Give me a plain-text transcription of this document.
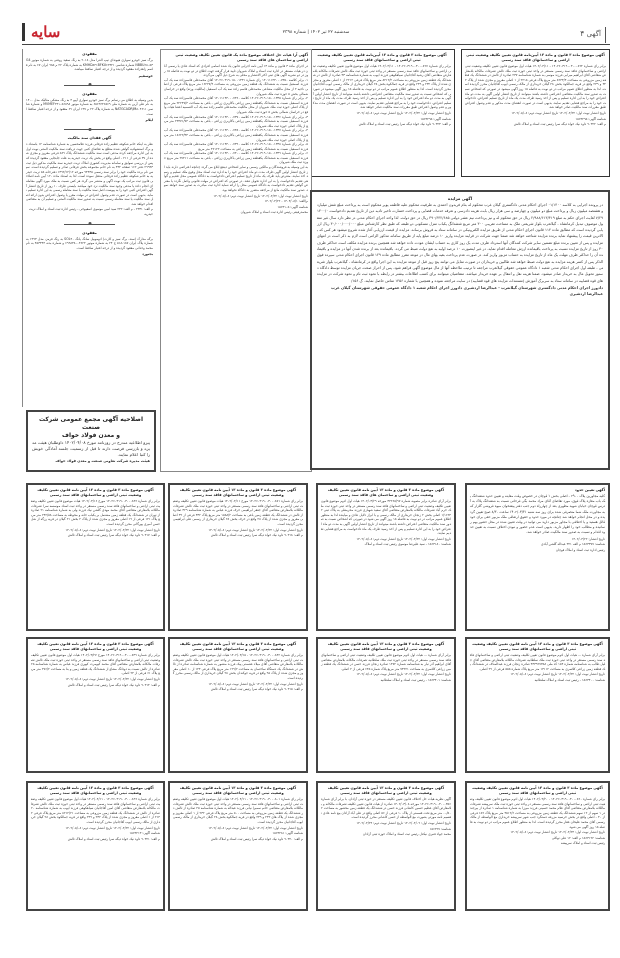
سایه	سه‌شنبه ۲۲ تیر ۱۴۰۲ | شماره ۲۳۹۸	آگهی ۴
آگهی موضوع ماده ۳ قانون و ماده ۱۳ آیین‌نامه قانون تعیین تکلیف وضعیت ثبتی اراضی و ساختمانهای فاقد سند رسمی
برابر رای شماره ۱۴۰۲۶۰۳۱۹۰۰۳۰۰۰۸۹۴ - ۱۴۰۲/۰۴/۱۱ هیات اول موضوع قانون تعیین تکلیف وضعیت ثبتی اراضی و ساختمانهای فاقد سند رسمی مستقر در واحد ثبتی حوزه ثبت ملک تالش تصرفات مالکانه بلامعارض متقاضی آقای ابراهیم میرابی فرزند موسی به شماره شناسنامه ۲۳۷ صادره از تالش در ششدانگ یک قطعه زمین مزروعی به مساحت ۸۲۴۳/۴ متر مربع پلاک فرعی ۲۲۱۵ از ۱ اصلی مفروز و مجزی شده از پلاک ۲۳۲ و ۲۳۹ واقع در قریه جمالکوه بخش ۲۸ گیلان خریداری از مالک رسمی ایوب آقاجانیان محرز گردیده است. لذا به منظور اطلاع عموم مراتب در دو نوبت به فاصله ۱۵ روز آگهی میشود در صورتی که اشخاص نسبت به صدور سند مالکیت متقاضی اعتراضی داشته باشند میتوانند از تاریخ انتشار اولین آگهی به مدت دو ماه اعتراض خود را به این اداره تسلیم و پس از اخذ رسید ظرف مدت یک ماه از تاریخ تسلیم اعتراض، دادخواست خود را به مراجع قضایی تقدیم نمایند. بدیهی است در صورت انقضای مدت مذکور و عدم وصول اعتراض طبق مقررات سند مالکیت صادر خواهد شد.
تاریخ انتشار نوبت اول: ۱۴۰۲/۰۴/۲۲ تاریخ انتشار نوبت دوم: ۱۴۰۲/۰۵/۰۸
شناسه آگهی: ۱۵۶۳۲۹۵
م الف: ۹۰۳۲۲ داود نیک خواه دیگه سرا رئیس ثبت اسناد و املاک تالش
آگهی موضوع ماده ۳ قانون و ماده ۱۳ آیین‌نامه قانون تعیین تکلیف وضعیت ثبتی اراضی و ساختمانهای فاقد سند رسمی
برابر رای شماره ۱۴۰۲۶۰۳۱۹۰۰۳۰۰۰۸۹۷ - ۱۴۰۲/۰۴/۱۱ هیات اول موضوع قانون تعیین تکلیف وضعیت ثبتی اراضی و ساختمانهای فاقد سند رسمی مستقر در واحد ثبتی حوزه ثبت ملک تالش تصرفات مالکانه بلامعارض متقاضی آقای رشید آقاجانیان سیاهکوهی فرزند ایوب به شماره شناسنامه ۳۳ صادره از تالش در ششدانگ یک قطعه زمین مزروعی به مساحت ۸۲۱۲/۲ متر مربع پلاک فرعی ۲۲۱۲ از ۱ اصلی مفروز و مجزی شده از پلاک ۲۳۲ و ۲۳۹ واقع در قریه جمالکوه بخش ۲۸ گیلان خریداری از مالک رسمی ایوب آقاجانیان محرز گردیده است. لذا به منظور اطلاع عموم مراتب در دو نوبت به فاصله ۱۵ روز آگهی میشود در صورتی که اشخاص نسبت به صدور سند مالکیت متقاضی اعتراضی داشته باشند میتوانند از تاریخ انتشار اولین آگهی به مدت دو ماه اعتراض خود را به این اداره تسلیم و پس از اخذ رسید ظرف مدت یک ماه از تاریخ تسلیم اعتراض، دادخواست خود را به مراجع قضایی تقدیم نمایند. بدیهی است در صورت انقضای مدت مذکور و عدم وصول اعتراض طبق مقررات سند مالکیت صادر خواهد شد.
تاریخ انتشار نوبت اول: ۱۴۰۲/۰۴/۲۲ تاریخ انتشار نوبت دوم: ۱۴۰۲/۰۵/۰۸
شناسه آگهی: ۱۵۶۳۲۹۵
م الف: ۹۰۳۲۳ داود نیک خواه دیگه سرا رئیس ثبت اسناد و املاک تالش
آگهی آرا هیات حل اختلاف موضوع ماده یک قانون تعیین تکلیف وضعیت ثبتی اراضی و ساختمان های فاقد سند رسمی
در اجرای ماده ۳ قانون و ماده ۱۳ آیین نامه اجرایی قانون یاد شده اسامی افرادی که اسناد عادی یا رسمی آنان در هیات مستقر در اداره ثبت اسناد و املاک شیروان تایید قرار گرفته جهت اطلاع در دو نوبت به فاصله ۱۵ روز در دو نشریه آگهی های ثبتی اکثر الانتشار و محلی به شرح ذیل آگهی می‌گردد.
۱- برابر کلاسه ۱۴۰۱۱۱۴۴۰۰۰۷۳۵۰ رای شماره ۱۴۰۲۶۰۳۱۹۰۱۵۰۰۱۳۳۱ آقای محمدعلی قاسم‌زاده سه یک آب فرزند اسمعیل نسبت به ششدانگ یک قطعه زمین مزروعی به مساحت ۱۶۲۲۷/۴ متر مربع پلاک فرعی از اصلی ناحیه ۲ از محل مالکیت مشاعی محمدعلی قاسم زاده سه یک آب اسمعیل (مالکیت ورثه) واقع در خراسان شمالی بخش ۵ حوزه ثبت ملک شیروان
۲- برابر رای شماره ۱۴۰۲۶۰۳۱۹۰۱۵۰۰۱۳۳۵ کلاسه ۱۴۰۱۱۱۴۴۰۰۰۷۳۶۰ آقای محمدعلی قاسم‌زاده سه یک آب فرزند اسمعیل نسبت به ششدانگ یکقطعه زمین زراعی باکاربری زراعی - باغی به مساحت ۲۲۲۴۷/۴ متر مربع از پلاک اصلی حوزه ثبت ملک شیروان از محل مالکیت محمدعلی قاسم زاده سه یک آب التسمیه اعضا هیات واقع در خراسان شمالی بخش ۵ حوزه ثبت ملک شیروان
۳- برابر رای شماره ۱۴۰۲۶۰۳۱۹۰۱۵۰۰۱۳۳۶ کلاسه ۱۴۰۱۱۱۴۴۰۰۰۷۳۷۰ آقای محمدعلی قاسم‌زاده سه یک آب فرزند اسمعیل نسبت به ششدانگ یکقطعه زمین زراعی باکاربری زراعی - باغی به مساحت ۲۳۴۷۱/۷۴ متر مربع از پلاک اصلی حوزه ثبت ملک شیروان
۴- برابر رای شماره ۱۴۰۲۶۰۳۱۹۰۱۵۰۰۱۳۳۷ کلاسه ۱۴۰۱۱۱۴۴۰۰۰۷۳۸۰ آقای محمدعلی قاسم‌زاده سه یک آب فرزند اسمعیل نسبت به ششدانگ یکقطعه زمین زراعی باکاربری زراعی - باغی به مساحت ۱۸۶۲۲/۳۴ متر مربع از پلاک اصلی حوزه ثبت ملک شیروان
۵- برابر رای شماره ۱۴۰۲۶۰۳۱۹۰۱۵۰۰۱۳۳۸ کلاسه ۱۴۰۱۱۱۴۴۰۰۰۷۳۹۰ آقای محمدعلی قاسم‌زاده سه یک آب فرزند اسمعیل نسبت به ششدانگ یکقطعه زمین زراعی به مساحت ۳۶۱۲۲ متر مربع
۶- برابر رای شماره ۱۴۰۲۶۰۳۱۹۰۱۵۰۰۱۳۳۹ کلاسه ۱۴۰۱۱۱۴۴۰۰۰۷۴۰۰ آقای محمدعلی قاسم‌زاده سه یک آب فرزند اسمعیل نسبت به ششدانگ یکقطعه زمین زراعی باکاربری زراعی - باغی به مساحت ۲۷۴۱۱ متر مربع حوزه ثبت ملک شیروان
به این وسیله به فروشندگان و مالکین رسمی و سایر اشخاص ذینفع ابلاغ می گردد چنانچه اعتراضی دارند باید از تاریخ انتشار اولین آگهی ظرف مدت دو ماه اعتراض خود را به اداره ثبت اسناد محل وقوع ملک تسلیم و رسید اخذ نمایند. معترض باید ظرف یک ماه از تاریخ تسلیم اعتراض دادخواست به دادگاه عمومی محل تقدیم و گواهی تقدیم دادخواست را به این اداره تحویل دهند. در صورتی که اعتراض در مهلت قانونی واصل نگردد یا معترض گواهی تقدیم دادخواست به دادگاه عمومی محل را ارائه ننماید اداره ثبت مبادرت به صدور سند خواهد نمود. صدور سند مالکیت مانع از مراجعه متضرر به دادگاه نخواهد بود.
تاریخ انتشار نوبت اول: ۱۴۰۲/۰۴/۲۲ تاریخ انتشار نوبت دوم: ۱۴۰۲/۰۵/۰۸
م/الف: ۱۴۰۴/۰۸/۱ - ۱۴۰۲/۰۴/۲۲
شناسه آگهی: ۱۵۶۳۱۰۵
محمدرفیعی رئیس اداره ثبت اسناد و املاک شیروان
مفقودی
برگ سبز خودرو سواری هیوندای تیپ النترا مدل ۲۰۱۸ به رنگ سفید روغنی به شماره موتور G4NBBU۶۸۰۵۳ شماره شاسی KMHD۸۴۱BFKU۶۲۳۲۱ به شماره پلاک ۲۲ م ۹۸۵ ایران ۶۷ به نام قاسم زاهدزاده مفقود گردیده و از درجه اعتبار ساقط میباشد.
خوسفیم
مفقودی
بدین وسیله به اطلاع می رسانم برگ سبز خودرو سواری آپیو ۴ به رنگ مشکی متالیک مدل ۱۴۰۰ به نام علی آرین به شماره ملی ۶۵۶۹۲۴۶۵۶۹ به شماره موتور MVMEF۲۴۱۰۵۶۸۹۸ و شماره شاسی NATGCADRJM۸۰۴۶۱۱ به شماره پلاک ۲۲ م ۱۳۷ ایران ۶۹ مفقود و از درجه اعتبار ساقط است.
ایلام
آگهی فقدان سند مالکیت
نظر به اینکه خانم شکوفه عظیم زاده فرقانی فرزند غلامحسین به شماره شناسنامه ۱۲ باستناد دو برگ استشهادیه گواهی شده مطلع به تقاضای کتبی جهت دریافت سند مالکیت المثنی نوبت اول به این اداره مراجعه کرده مدعی است سند مالکیت ششدانگ پلاک ۵۶۹ فرعی مفروز و مجزی شده از ۳۷ فرعی از ۲۱۱ - اصلی واقع در بخش یک تربت حیدریه به علت جابجایی مفقود گردیده که پس از بررسی سوابق و سامانه مدیریت کشوری املاک تربت حیدریه سند مالکیت مذکور ذیل ثبت ۲۹۹۴۳ دفتر ۱۶۲ صفحه ۴۳۲ به نام خانم مجموعه بخش فرقانی صادر و تسلیم گردیده است. سپس نام برده مالکیت خود را برابر سند رسمی ۹۴۴۳۵ مورخه ۱۳۹۲/۱۲/۱۲ دفترخانه ۵۸ تربت حیدریه به خانم شکوفه عظیم زاده فرقانی منتقل نموده است. لذا به استناد ماده ۱۲۰ آیین نامه اصلاحی قانون ثبت مراتب یک نوبت آگهی و منتشر می گردد هر کس نسبت به ملک مورد آگهی معامله ای انجام داده یا مدعی وجود سند مالکیت نزد خود میباشد بایستی ظرف ۱۰ روز از تاریخ انتشار آگهی اعتراض کتبی خود را به پیوست اصل سند مالکیت یا سند معامله رسمی به این اداره تسلیم نماید. بدیهی است در صورت عدم وصول اعتراض در مهلت مقرر یا وصول اعتراض بدون ارائه اصل سند مالکیت یا سند معامله رسمی نسبت به صدور سند مالکیت المثنی و تسلیم آن به متقاضی اقدام خواهد شد.
م الف: ۲۳۳۱ - م الف: ۲۳۲ سید امین موسوی اسفیوخی - رئیس اداره ثبت اسناد و املاک تربت حیدریه
مفقودی
برگه مدارک (سند، برگ سبز و کارت) اتوموبیل سانگ یانگ SOL۴۰ به رنگ قرمز، مدل ۱۳۹۳ به شماره پلاک ایران ۱۸۷-۵۱۸ ج ۲۴ به شماره موتور ۶۹۹۸۳۸۰۰۴۶۲۴ و شماره بدنه ۴۵۳۳۴۴ به نام محمد وحدانی مفقود گردیده و از درجه اعتبار ساقط است.
بجنورد
اصلاحیه آگهی مجمع عمومی شرکت صنعت
و معدن فولاد خواف
پیرو اطلاعیه مندرج در روزنامه مورخ ۱۴۰۲/۰۴/۰۸ داوطلبان هیئت مدیره و بازرسی فرصت دارند تا قبل از رسمیت جلسه آمادگی خویش را کتبا اعلام نمایند.
هیئت مدیره شرکت تعاونی صنعت و معدن فولاد خواف
آگهی مزایده
در پرونده اجرایی به کلاسه ۰۱/۱۴۰۰ اجرای احکام مدنی دادگستری گیلان غرب محکوم له بنام فریدون احمدی به طرفیت محکوم علیه فاطمه پوپر محکوم است به پرداخت مبلغ شش میلیارد و هشتصد میلیون ریال و پرداخت مبلغ دو میلیون و چهارصد و سی هزار ریال بابت هزینه دادرسی و تعرفه خدمات قضایی و پرداخت خسارت تاخیر تادیه دین از تاریخ تقدیم دادخواست ۱۴۰۰/۰۷/۲۹ لغایت اجرای حکم به مبلغ ۲/۹۸۸/۶۱۳/۳۱۹ ریال در حق محکوم له و نیز پرداخت نیم عشر دولتی ۳۹۰/۶۴۲/۶۸۵ ریال در حق دولت. لذا واحد اجرای احکام مدنی در نظر دارد سال غیر منقول موصوف تبدیل کرمانشاه - گیلانغرب بلوار شریعتی ملک به مساحت تقریبی ۳۰۰ متر مربع ششدانگ یکباب منزل مسکونی دو طبقه که طبق نظر کارشناس مبلغ ۳۰/۰۰۰/۰۰۰/۰۰۰ ریال ارزیابی گردیده است که مطابق ماده ۱۱۴ قانون اجرای احکام مدنی از طریق مزایده الکترونیکی در سامانه ستاد به فروش برساند. مزایده از قیمت ارزیابی آغاز شده شروع میشود هر کس که بالاترین قیمت را پیشنهاد نماید برنده مزایده شناخته خواهد شد ضمنا جهت شرکت در فرایند مزایده واریز ۱۰ درصد مبلغ پایه از طریق سامانه مذکور الزامی است لازم به ذکر است در انتهای مزایده و پس از تعیین برنده مبلغ تضمین سایر شرکت کنندگان آنها استرداد ظرف مدت یک روز کاری به حساب ایشان عودت داده خواهد شد همچنین برنده مزایده مکلف است حداکثر ظرف ۳۰ روز از تاریخ مزایده نسبت به پرداخت باقیمانده ارزش معامله اقدام نماید. در غیر اینصورت ۱۰ درصد اولیه به نفع دولت ضبط می گردد. باقیمانده بعد از برنده شدن آنها در مزایده و باقیمانده آن را حداکثر ظرف مهلت یک ماه از تاریخ مزایده به حساب مزبور واریز کند. در صورت عدم پرداخت بقیه بهای مال در موعد مقرر مطابق ماده ۱۲۹ قانون اجرای احکام مدنی سپرده فوق الذکر پس از کسر هزینه مزایده به نفع دولت ضبط خواهد شد طالبین و خریداران در صورت تمایل می توانند پنج روز قبل از موعد مزایده به این اجرا واقع در کرمانشاه - گیلانغرب بلوار شریعتی - طبقه اول اجرای احکام مدنی شعبه ۱ دادگاه عمومی حقوقی گیلانغرب مراجعه تا ترتیب ملاحظه آنها از مال موضوع آگهی فراهم شود. پس از احراز صحت جریان مزایده توسط دادگاه دستور تحویل مال به خریدار صادر میشود. ضمنا هزینه نقل و انتقال بر عهده خریدار میباشد. متقاضیان میتوانند برای کسب اطلاعات بیشتر در رابطه با نحوه ثبت نام و نحوه شرکت در مزایده های قوه قضاییه در سامانه ستاد به سربرگ آموزش (مستندات مزایده های قوه قضاییه) در سایت مراجعه نموده و همچنین با شماره ۱۴۵۶ تماس حاصل نمایند. گ ۱۵۶/
دادورز اجرای احکام مدنی دادگستری شهرستان گیلانغرب - عبدالرضا اردشیری دادورز اجرای احکام شعبه ۱ دادگاه عمومی حقوقی شهرستان گیلان غرب عبدالرضا اردشیری
آگهی تعیین حدود
کلیه مجاورین پلاک ۲۹۰۰ - اصلی بخش ۱ قوچان در خصوص وقت معاینه و تعیین حدود ششدانگ یک باب مغازه پلاک فوق، مورد تقاضای آقای مراد محمد بگی فرخانی نسبت به ششدانگ پلاک به آدرس قوچان خیابان شهید مطهری بعد از چهارراه دوم جنب دفتر پیشخوان میوه فروشی گلزار که به مجاورت ملک شما متصرفی شده برای روز سه شنبه ۱۴۰۲/۰۴/۳۱ ساعت ۸/۳۰ صبح تعیین گردیده و در محل انجام خواهد شد چنانچه در مورد حدود و حقوق ارتفاقی ملک مزبور حقی برای خود قائل هستید و یا اختلافی با مجاور مزبور دارید می توانید در وقت تعیین شده در محل حضور بهم رسانیده و مطالب خود را اظهار دارید. بدیهی است عدم حضور و نبودن اختلاف نسبت به تعیین حدود اقدام و نسبت به صدور سند مالکیت صادر خواهد شد.
تاریخ انتشار: ۱۴۰۲/۰۴/۲۲
شناسه: ۱۵۶۳۳۷۷ م الف ۳۲۱ عبداله گلشن آبادی
رئیس اداره ثبت اسناد و املاک قوچان
آگهی موضوع ماده ۳ قانون و ماده ۱۳ آیین نامه قانون تعیین تکلیف وضعیت ثبتی اراضی و ساختمان های فاقد سند رسمی
برابر آرای صادره برابر مصوبه شماره ۳۴۲۶۵/۹۷ مورخه ۱۴۰۲/۰۳/۲۹ هیات اول ادوم موضوع قانون تعیین تکلیف وضعیت ثبتی اراضی و ساختمانهای فاقد سند رسمی مستقر در واحد ثبتی حوزه ثبت ملک خرم آباد تصرفات مالکانه بلامعارض متقاضی آقای سعید شهبازی فرزند محرمعلی به پلاک ثبتی ۲۱/۱۶۲۴ اصلی بخش ۲ زنجان خریداری از مالک رسمی و با ابراز دلایل عادی و میاینده لذا به منظور اطلاع عموم مراتب در دو نوبت به فاصله ۱۵ روز آگهی می شود در صورتی که اشخاص نسبت به صدور سند مالکیت متقاضی اعتراض داشته باشند میتوانند از تاریخ انتشار اولین آگهی به مدت دو ماه اعتراض خود را به این اداره تسلیم و پس از اخذ رسید ظرف یک ماه دادخواست به مراجع قضایی تقدیم نمایند.
تاریخ انتشار نوبت اول: ۱۴۰۲/۰۴/۲۲ تاریخ انتشار نوبت دوم: ۱۴۰۲/۰۵/۰۸
شناسه: ۱۵۶۳۱۸۰ - سید علیرضا موسوی رئیس ثبت اسناد و املاک
آگهی موضوع ماده ۳ قانون و ماده ۱۳ آیین نامه قانون تعیین تکلیف وضعیت ثبتی اراضی و ساختمانهای فاقد سند رسمی
برابر رای شماره ۱۴۰۲۶۰۳۱۹۰۰۳۰۰۰۸۷۱ مورخ ۱۴۰۲/۰۴/۱۱ هیات موضوع قانون تعیین تکلیف وضعیت ثبتی اراضی و ساختمانهای فاقد سند رسمی مستقر در واحد ثبتی حوزه ثبت ملک تالش تصرفات مالکانه بلامعارض متقاضی آقای جعفر ابراهیمی خرف فرزند عباس به شماره شناسنامه ۳۲۹ صادره از تالش در ششدانگ یک قطعه زمین باغی به مساحت ۱۵۸۸/۲ متر مربع پلاک ۴۳۲ فرعی از ۳۲ اصلی مفروز و مجزی شده از پلاک ۲۸ واقع در خرف بخش ۲۸ گیلان خریداری از رسمی علی ابراهیمی محرز گردیده است.
تاریخ انتشار نوبت اول: ۱۴۰۲/۰۴/۲۲ تاریخ انتشار نوبت دوم: ۱۴۰۲/۰۵/۰۸
م الف: ۹۰۳۱۸ داود نیک خواه دیگه سرا رئیس ثبت اسناد و املاک تالش
آگهی موضوع ماده ۳ قانون و ماده ۱۳ آیین نامه قانون تعیین تکلیف وضعیت ثبتی اراضی و ساختمانهای فاقد سند رسمی
برابر رای شماره ۱۴۰۲۶۰۳۱۹۰۰۳۰۰۰۸۳۶ مورخ ۱۴۰۲/۰۳/۱۶ هیات موضوع قانون تعیین تکلیف وضعیت ثبتی اراضی و ساختمانهای فاقد سند رسمی مستقر در واحد ثبت اسناد موسسه سرا تصرفات مالکانه بلامعارض متقاضی آقای محمد مهدی گلشن نیک فرزند ولی به شماره شناسنامه ۲۱ صادره از تهران در ششدانگ یک قطعه زمین مشتمل بر یکباب خانه و محوطه به مساحت ۲۴۲/۵۸ متر مربع پلاک ۱۴۱ فرعی از ۱۹ اصلی مفروز و مجزی شده از پلاک ۲ بخش ۲۱ گیلان در قریه رزگه از شل حسن آمیری پورگانی محرز گردیده است.
تاریخ انتشار نوبت اول: ۱۴۰۲/۰۴/۲۲ تاریخ انتشار نوبت دوم: ۱۴۰۲/۰۵/۰۸
م الف: ۹۰۳۱۷ داود نیک خواه دیگه سرا رئیس ثبت اسناد و املاک تالش
آگهی موضوع ماده ۳ قانون و ماده ۱۳ آیین نامه قانون تعیین تکلیف وضعیت ثبتی اراضی و ساختمانهای فاقد سند رسمی
برابر آرای شماره ... هیات اول ادوم موضوع قانون تعیین تکلیف وضعیت ثبتی اراضی و ساختمانهای فاقد سند رسمی مستقر در واحد ثبتی حوزه ثبت ملک سلطانیه تصرفات مالکانه بلامعارض متقاضی آقای جلیل طالب به شناسنامه شماره ۱۵۴ کد ملی ۴۳۳۹۲۷۳۵۸ صادره زنجان فرزند عبدالمناف در ششدانگ یک قطعه زمین زراعی کلاسری به مساحت ۱۳۱۱۲ متر مربع پلاک شماره ۵۵۵ فرعی از ۲۹ اصلی.
تاریخ انتشار نوبت اول: ۱۴۰۲/۰۴/۲۲ تاریخ انتشار نوبت دوم: ۱۴۰۲/۰۵/۰۸
شناسه: ۱۵۶۳۴۰۰ - رئیس ثبت اسناد و املاک سلطانیه
آگهی موضوع ماده ۳ قانون و ماده ۱۳ آیین نامه قانون تعیین تکلیف وضعیت ثبتی اراضی و ساختمانهای فاقد سند رسمی
برابر آرای شماره ... هیات اول ادوم موضوع قانون تعیین تکلیف وضعیت ثبتی اراضی و ساختمانهای فاقد سند رسمی مستقر در واحد ثبتی حوزه ثبت ملک سلطانیه تصرفات مالکانه بلامعارض متقاضی آقای ابراهیم آذر تبار به شناسنامه شماره ۱۴۷۲ صادره زنجان فرزند حسن در ششدانگ یک قطعه زمین زراعی کلاسری به مساحت ۷۳۲۲۱ متر مربع پلاک شماره ۶۴۵ فرعی از ۲ اصلی.
تاریخ انتشار نوبت اول: ۱۴۰۲/۰۴/۲۲ تاریخ انتشار نوبت دوم: ۱۴۰۲/۰۵/۰۸
شناسه: ۱۵۶۳۴۰۱ - رئیس ثبت اسناد و املاک سلطانیه
آگهی موضوع ماده ۳ قانون و ماده ۱۳ آیین نامه قانون تعیین تکلیف وضعیت ثبتی اراضی و ساختمانهای فاقد سند رسمی
برابر رای شماره ۱۴۰۲۶۰۳۱۹۰۰۳۰۰۰۸۴۲ - ۱۴۰۲/۰۳/۱۵ هیات اول موضوع قانون تعیین تکلیف وضعیت ثبتی اراضی و ساختمانهای فاقد سند رسمی مستقر در واحد ثبتی حوزه ثبت ملک تالش تصرفات مالکانه بلامعارض متقاضی آقای میلاد عصمتی پیک فرزند منصور به شماره شناسنامه صادره از تالش در ششدانگ یک دستگاه ساختمان به مساحت ۱۲۹/۲ متر مربع پلاک فرعی ۱۴۴ از ۱۰ اصلی مفروز و مجزی شده از پلاک ۹۵ واقع در قریه جوکندان بخش ۲۸ گیلان خریداری از مالک رسمی محرز گردیده است.
تاریخ انتشار نوبت اول: ۱۴۰۲/۰۴/۲۲ تاریخ انتشار نوبت دوم: ۱۴۰۲/۰۵/۰۸
م الف: ۹۰۳۱۵ داود نیک خواه دیگه سرا رئیس ثبت اسناد و املاک تالش
آگهی موضوع ماده ۳ قانون و ماده ۱۳ آیین نامه قانون تعیین تکلیف وضعیت ثبتی اراضی و ساختمانهای فاقد سند رسمی
برابر رای شماره ۱۴۰۲۶۰۳۱۹۰۰۳۰۰۰۸۳۹ مورخ ۱۴۰۲/۰۳/۲۷ هیات اول موضوع قانون تعیین تکلیف وضعیت ثبتی اراضی و ساختمانهای فاقد سند رسمی مستقر در واحد ثبتی حوزه ثبت ملک تالش تصرفات مالکانه بلامعارض متقاضی آقای محمد کیومرث کپوری فرزند عباس به شماره شناسنامه ۲۵ صادره از تالش نسبت به دودانگ مشاع از ششدانگ یک قطعه زمین و بنا به مساحت ۲۷۶/۲ متر مربع پلاک ۶۱ فرعی از ۲۴ اصلی.
تاریخ انتشار نوبت اول: ۱۴۰۲/۰۴/۲۲ تاریخ انتشار نوبت دوم: ۱۴۰۲/۰۵/۰۸
م الف: ۹۰۳۱۴ داود نیک خواه دیگه سرا رئیس ثبت اسناد و املاک تالش
آگهی موضوع ماده ۳ قانون و ماده ۱۳ آیین نامه قانون تعیین تکلیف وضعیت ثبتی اراضی و ساختمانهای فاقد سند رسمی
برابر رای شماره ۱۴۰۲۶۰۳۱۹۰۰۳۰۰۰۸۹۰ - ۱۴۰۲/۰۴/۲۰ هیات اول ادوم موضوع قانون تعیین تکلیف وضعیت ثبتی اراضی و ساختمانهای فاقد سند رسمی مستقر در واحد ثبتی حوزه ثبت ملک سرپیشه تصرفات مالکانه بلامعارض متقاضی آقای غلام محمد حسینی فرزند میرزا به شماره شناسنامه ۱ صادره از بیرجند در ۱ سهم از ۱۲ سهم ششدانگ یک قطعه زمین مزروعی به مساحت ۳۵۱۲/۶ متر مربع پلاک ۱۵۹ فرعی از ۴۰ - اصلی واقع در بخش خرسیه مزرعه دستگرد جنب شهر سرپیشه خریداری مع الواسطه از مالک رسمی آقای محمد علیخان غفار محرز گردیده است. لذا به منظور اطلاع عموم مراتب در دو نوبت به فاصله ۱۵ روز آگهی می شود.
تاریخ انتشار نوبت اول: ۱۴۰۲/۰۴/۲۴ تاریخ انتشار نوبت دوم: ۱۴۰۲/۰۵/۰۸
شناسه: ۱۵۶۳۱۹۲ م الف: ۱۲ علی توکلی
رئیس ثبت اسناد و املاک سرپیشه
آگهی موضوع ماده ۳ قانون و ماده ۱۳ آیین نامه قانون تعیین تکلیف وضعیت ثبتی اراضی و ساختمانهای فاقد سند رسمی
آگهی نظریه هیات حل اختلاف قانون تعیین تکلیف مستقر در حوزه ثبتی آزادان. با برابر آرای شماره ۱۴۰۲۶۰۳۱۹۰۰۳۰۰۰۳۵۶ مورخه ۱۴۰۲/۰۳/۰۸ صادره از هیات قانون تعیین تکلیف تصرفات مالکانه و بلامعارض آقای عظیم حسین کاشانی فرزند حسن در ششدانگ یک قطعه زمین محصور به مساحت ۲۰۰/۵۰ متر مربع تحت قسمتی از پلاک ۱۰ فرعی از ۵۶ اصلی واقع در علی آباد آزادان بیع نامه عادی تقسیم نامه مورثی بصورت مع الواسطه از حسن کاشانی محرز گردیده است.
تاریخ انتشار نوبت اول: ۱۴۰۲/۰۴/۰۹ تاریخ انتشار نوبت دوم: ۱۴۰۲/۰۴/۲۴
شناسه: ۱۵۶۲۲۷
محمد جواد قنبری نیکدل رئیس ثبت اسناد و املاک حوزه ثبتی آزادان
آگهی موضوع ماده ۳ قانون و ماده ۱۳ آیین نامه قانون تعیین تکلیف وضعیت ثبتی اراضی و ساختمانهای فاقد سند رسمی
برابر رای شماره ۱۴۰۲۶۰۳۱۹۰۰۳۰۰۰۸۰۱ - ۱۴۰۲/۰۴/۱۱ هیات اول موضوع قانون تعیین تکلیف وضعیت ثبتی اراضی و ساختمانهای فاقد سند رسمی مستقر در واحد ثبتی حوزه ثبت ملک تالش تصرفات مالکانه بلامعارض متقاضی خانم سمیرا نیانی فرزند عبداله به شماره شناسنامه ۲۵ صادره از تالش در ششدانگ یک قطعه زمین مزروعی به مساحت ۵۰۰ متر مربع پلاک فرعی ۲۳۲ از ۱ اصلی مفروز و مجزی شده از پلاک های ۲۳۲ و ۲۳۹ واقع در قریه جمالکوه بخش ۲۸ گیلان خریداری از مالک رسمی ایوب آقاجانیان محرز گردیده است.
تاریخ انتشار نوبت اول: ۱۴۰۲/۰۴/۲۲ تاریخ انتشار نوبت دوم: ۱۴۰۲/۰۵/۰۸
شناسه آگهی: ۱۵۶۳۲۸۱
م الف: ۹۰۳۲۰ داود نیک خواه دیگه سرا رئیس ثبت اسناد و املاک تالش
آگهی موضوع ماده ۳ قانون و ماده ۱۳ آیین نامه قانون تعیین تکلیف وضعیت ثبتی اراضی و ساختمانهای فاقد سند رسمی
برابر رای شماره ۱۴۰۲۶۰۳۱۹۰۰۳۰۰۰۸۹۹ - ۱۴۰۲/۰۴/۱۱ هیات اول موضوع قانون تعیین تکلیف وضعیت ثبتی اراضی و ساختمانهای فاقد سند رسمی مستقر در واحد ثبتی حوزه ثبت ملک تالش تصرفات مالکانه بلامعارض متقاضی آقای امین آقاجانیان سیاهکوهی فرزند ایوب به شماره شناسنامه ۲۰ صادره از تالش در ششدانگ یک قطعه زمین مزروعی به مساحت ۸۲۱۲/۲۱ متر مربع پلاک فرعی ۲۲۱۴ از ۱ اصلی مفروز و مجزی شده از پلاک ۲۳۲ و ۲۳۹ واقع در قریه جمالکوه بخش ۲۸ گیلان خریداری از مالک رسمی ایوب آقاجانیان محرز گردیده است.
تاریخ انتشار نوبت اول: ۱۴۰۲/۰۴/۲۲ تاریخ انتشار نوبت دوم: ۱۴۰۲/۰۵/۰۸
شناسه آگهی: ۱۵۶۳۲۱۳
م الف: ۹۰۳۲۱ داود نیک خواه دیگه سرا رئیس ثبت اسناد و املاک تالش
